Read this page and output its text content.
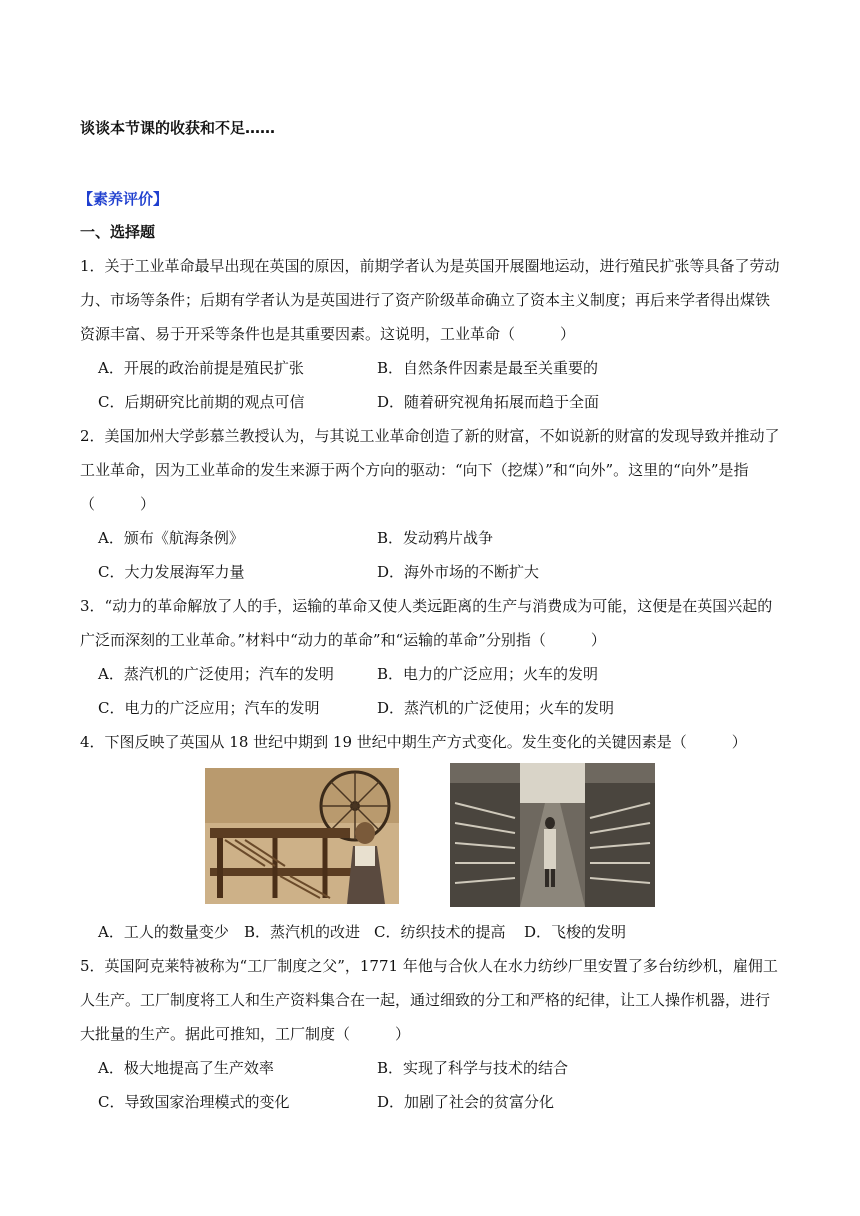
谈谈本节课的收获和不足……
【素养评价】
一、选择题
1．关于工业革命最早出现在英国的原因，前期学者认为是英国开展圈地运动，进行殖民扩张等具备了劳动
力、市场等条件；后期有学者认为是英国进行了资产阶级革命确立了资本主义制度；再后来学者得出煤铁
资源丰富、易于开采等条件也是其重要因素。这说明，工业革命（　　　）
A．开展的政治前提是殖民扩张	B．自然条件因素是最至关重要的
C．后期研究比前期的观点可信	D．随着研究视角拓展而趋于全面
2．美国加州大学彭慕兰教授认为，与其说工业革命创造了新的财富，不如说新的财富的发现导致并推动了
工业革命，因为工业革命的发生来源于两个方向的驱动：“向下（挖煤）”和“向外”。这里的“向外”是指
（　　　）
A．颁布《航海条例》	B．发动鸦片战争
C．大力发展海军力量	D．海外市场的不断扩大
3．“动力的革命解放了人的手，运输的革命又使人类远距离的生产与消费成为可能，这便是在英国兴起的
广泛而深刻的工业革命。”材料中“动力的革命”和“运输的革命”分别指（　　　）
A．蒸汽机的广泛使用；汽车的发明	B．电力的广泛应用；火车的发明
C．电力的广泛应用；汽车的发明	D．蒸汽机的广泛使用；火车的发明
4．下图反映了英国从 18 世纪中期到 19 世纪中期生产方式变化。发生变化的关键因素是（　　　）
A．工人的数量变少 B．蒸汽机的改进 C．纺织技术的提高 D．飞梭的发明
5．英国阿克莱特被称为“工厂制度之父”，1771 年他与合伙人在水力纺纱厂里安置了多台纺纱机，雇佣工
人生产。工厂制度将工人和生产资料集合在一起，通过细致的分工和严格的纪律，让工人操作机器，进行
大批量的生产。据此可推知，工厂制度（　　　）
A．极大地提高了生产效率	B．实现了科学与技术的结合
C．导致国家治理模式的变化	D．加剧了社会的贫富分化
